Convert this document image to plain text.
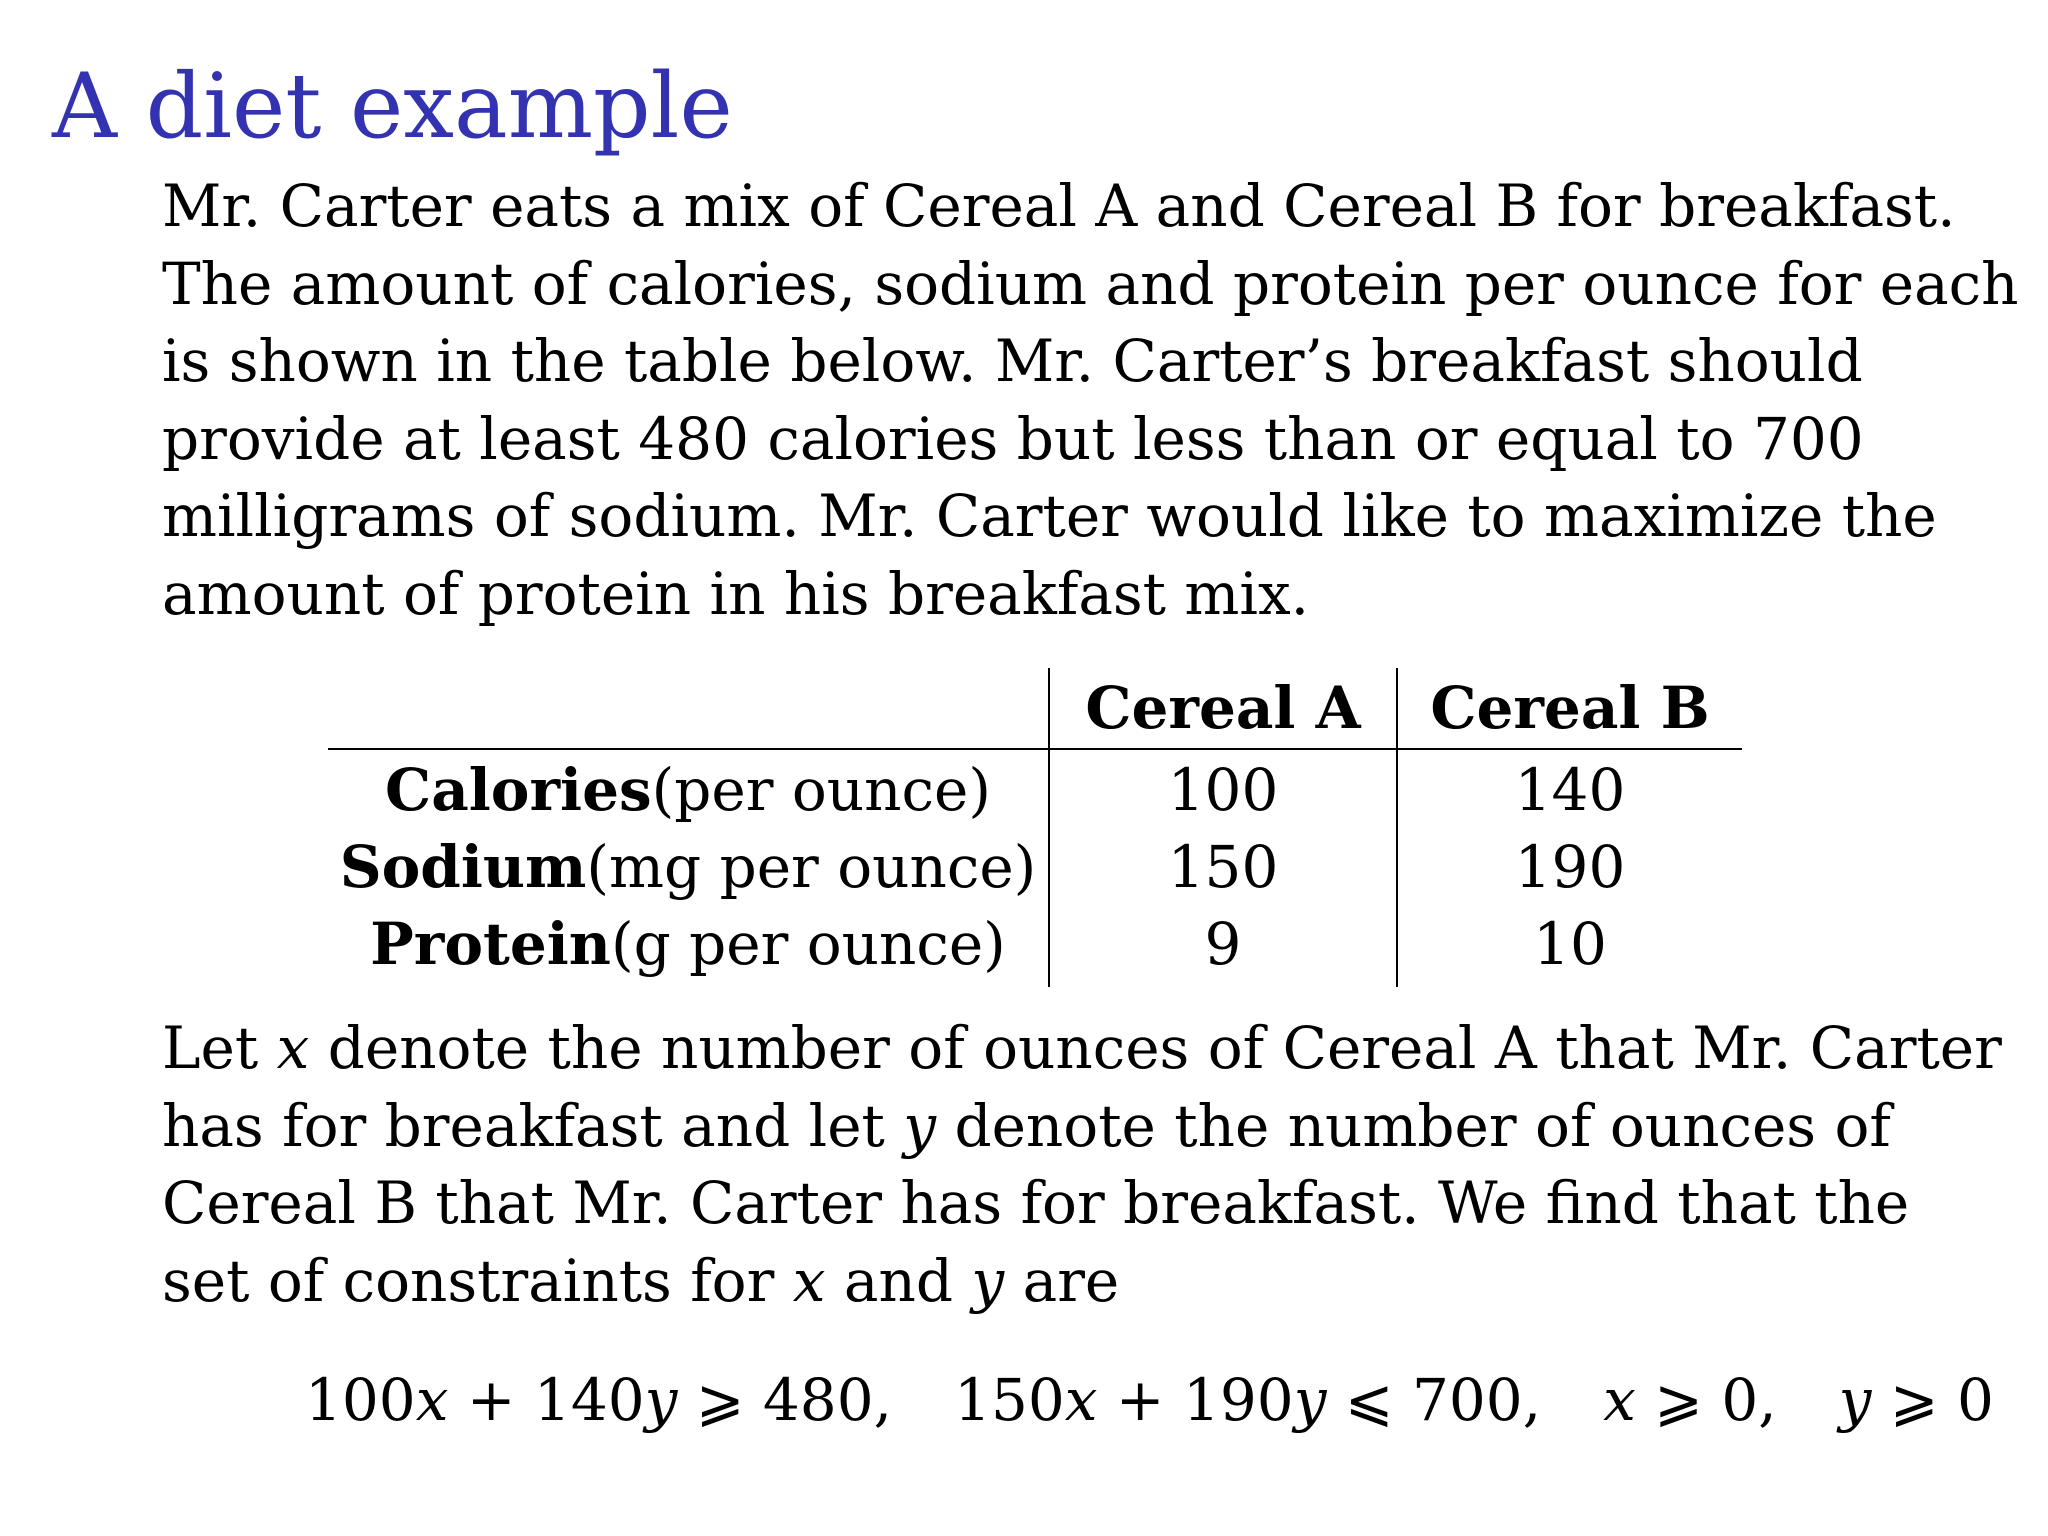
A diet example

Mr. Carter eats a mix of Cereal A and Cereal B for breakfast.
The amount of calories, sodium and protein per ounce for each
is shown in the table below. Mr. Carter’s breakfast should
provide at least 480 calories but less than or equal to 700
milligrams of sodium. Mr. Carter would like to maximize the
amount of protein in his breakfast mix.

	Cereal A	Cereal B
Calories(per ounce)	100	140
Sodium(mg per ounce)	150	190
Protein(g per ounce)	9	10

Let x denote the number of ounces of Cereal A that Mr. Carter
has for breakfast and let y denote the number of ounces of
Cereal B that Mr. Carter has for breakfast. We find that the
set of constraints for x and y are

100x + 140y ⩾ 480, 150x + 190y ⩽ 700, x ⩾ 0, y ⩾ 0
